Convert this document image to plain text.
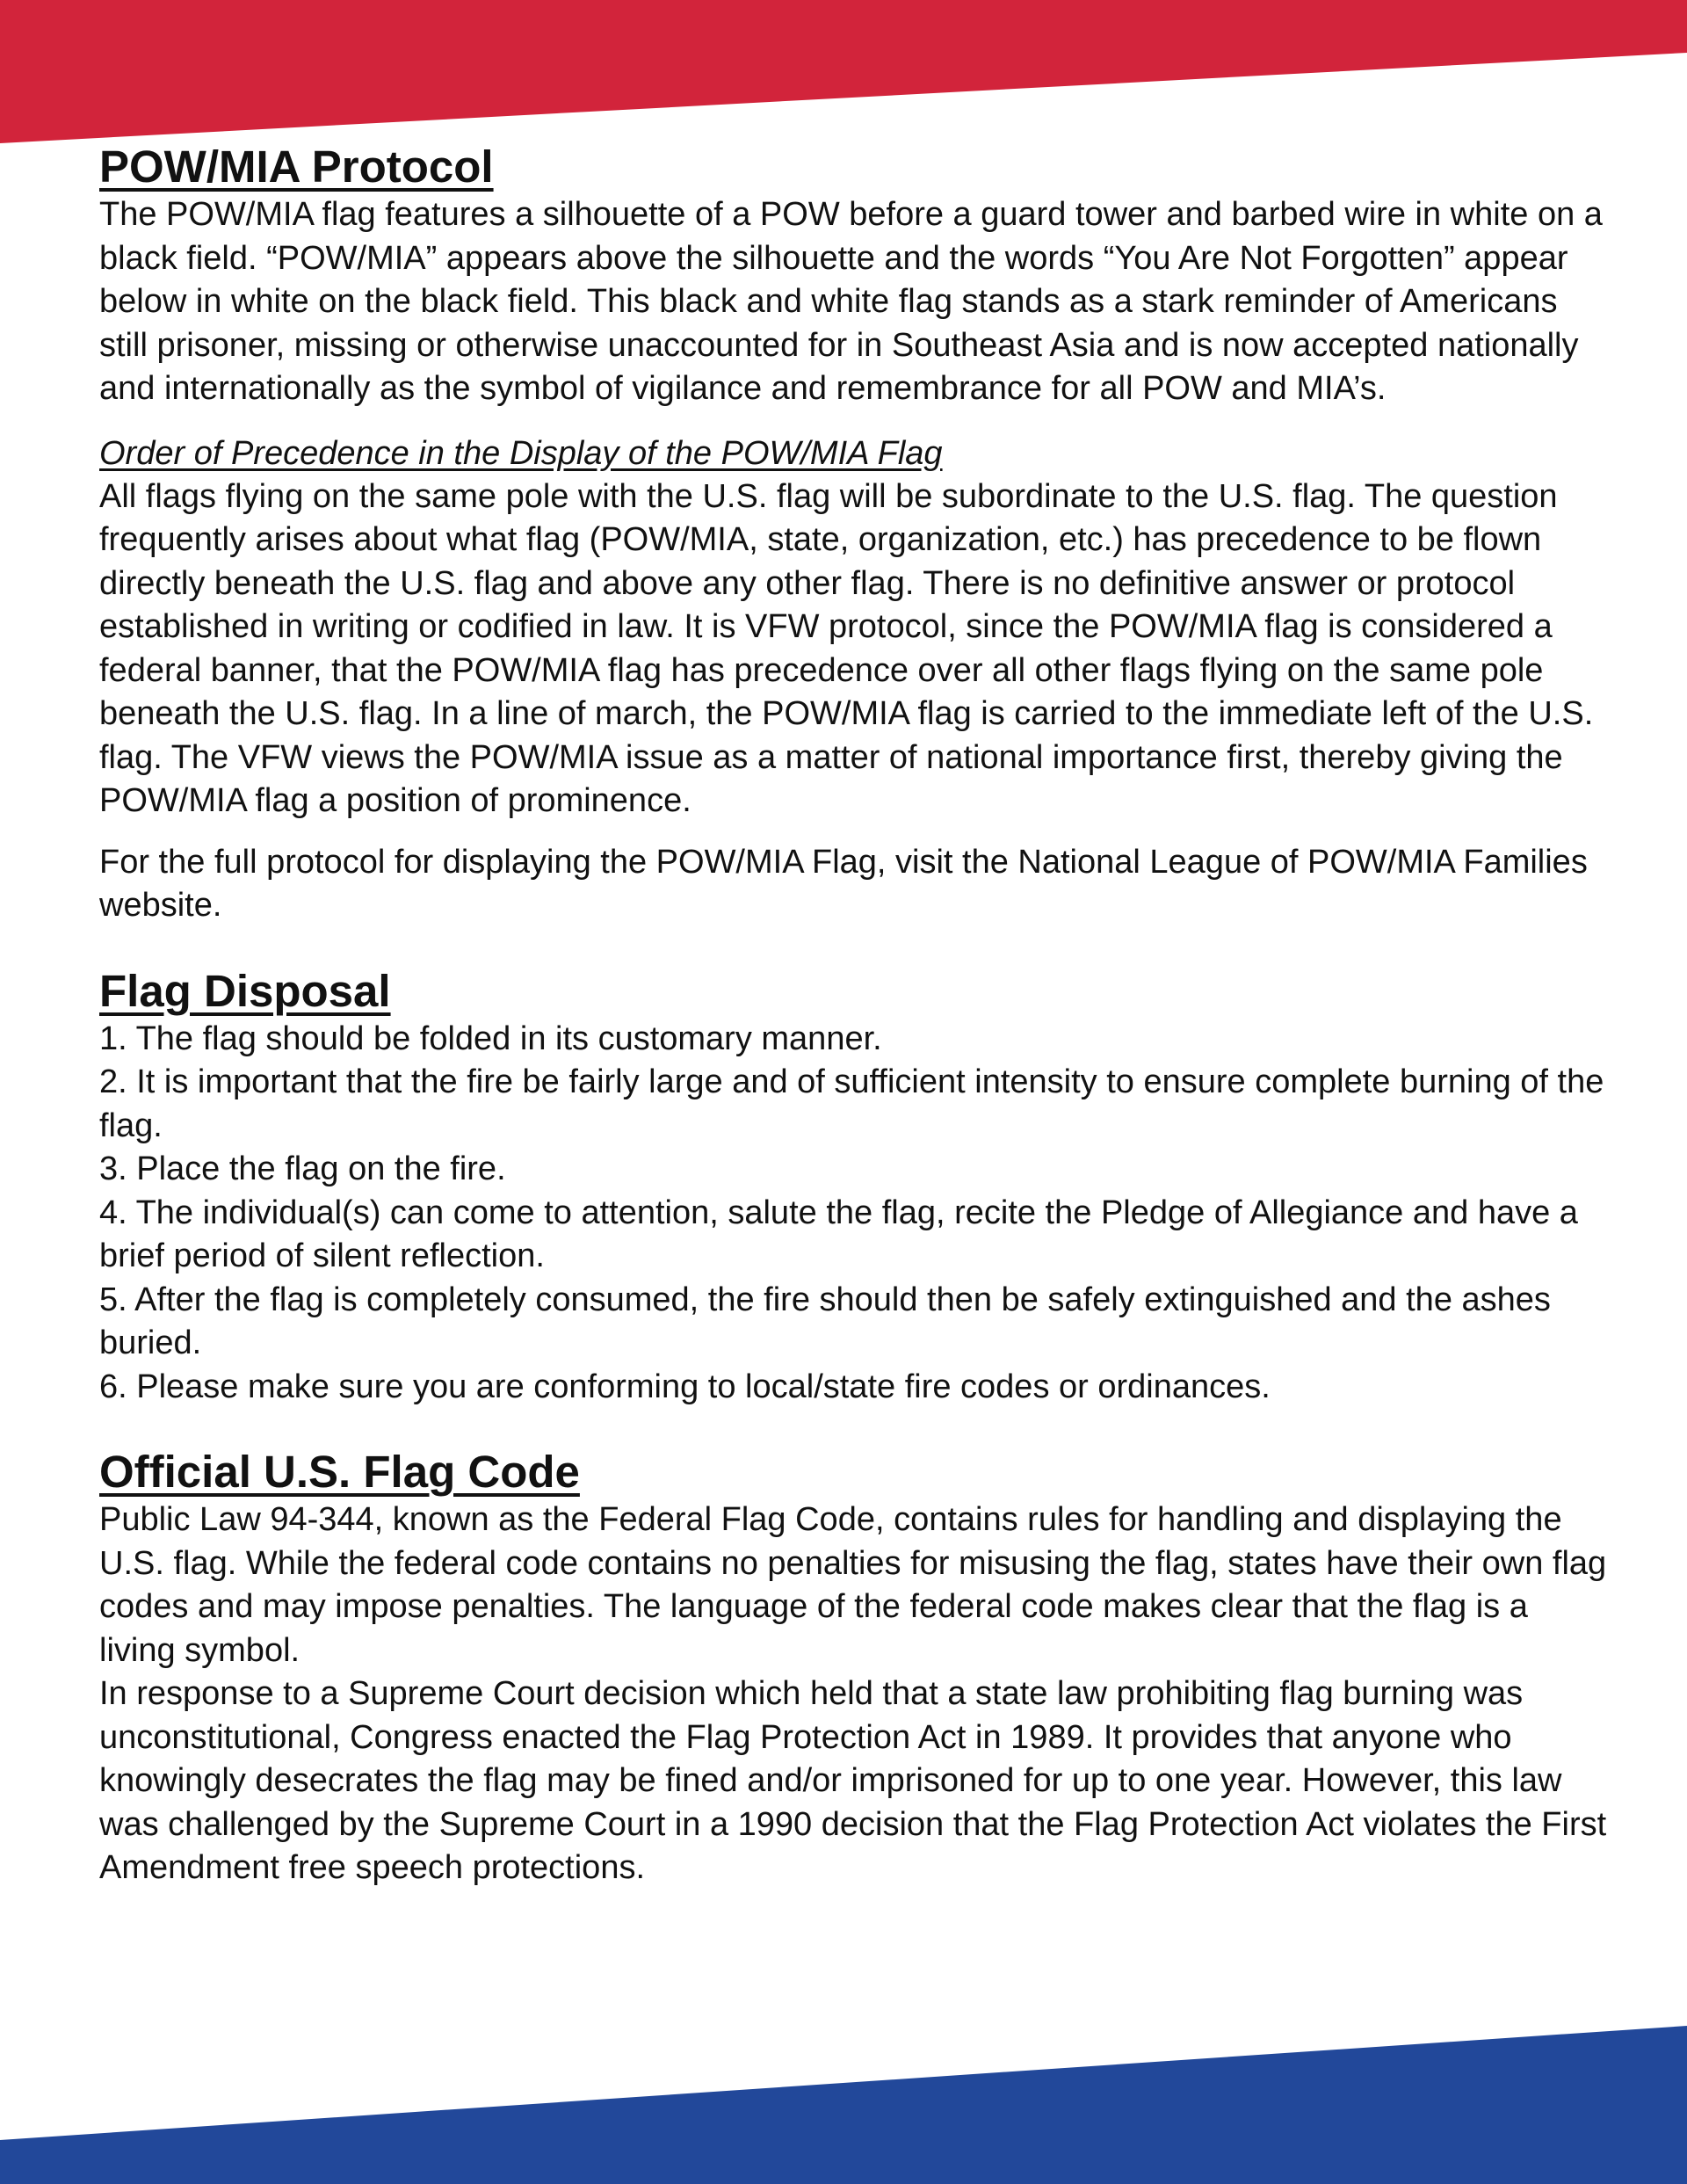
POW/MIA Protocol

The POW/MIA flag features a silhouette of a POW before a guard tower and barbed wire in white on a black field. “POW/MIA” appears above the silhouette and the words “You Are Not Forgotten” appear below in white on the black field. This black and white flag stands as a stark reminder of Americans still prisoner, missing or otherwise unaccounted for in Southeast Asia and is now accepted nationally and internationally as the symbol of vigilance and remembrance for all POW and MIA’s.

Order of Precedence in the Display of the POW/MIA Flag

All flags flying on the same pole with the U.S. flag will be subordinate to the U.S. flag. The question frequently arises about what flag (POW/MIA, state, organization, etc.) has precedence to be flown directly beneath the U.S. flag and above any other flag. There is no definitive answer or protocol established in writing or codified in law. It is VFW protocol, since the POW/MIA flag is considered a federal banner, that the POW/MIA flag has precedence over all other flags flying on the same pole beneath the U.S. flag. In a line of march, the POW/MIA flag is carried to the immediate left of the U.S. flag. The VFW views the POW/MIA issue as a matter of national importance first, thereby giving the POW/MIA flag a position of prominence.

For the full protocol for displaying the POW/MIA Flag, visit the National League of POW/MIA Families website.

Flag Disposal
1. The flag should be folded in its customary manner.
2. It is important that the fire be fairly large and of sufficient intensity to ensure complete burning of the flag.
3. Place the flag on the fire.
4. The individual(s) can come to attention, salute the flag, recite the Pledge of Allegiance and have a brief period of silent reflection.
5. After the flag is completely consumed, the fire should then be safely extinguished and the ashes buried.
6. Please make sure you are conforming to local/state fire codes or ordinances.
Official U.S. Flag Code

Public Law 94-344, known as the Federal Flag Code, contains rules for handling and displaying the U.S. flag. While the federal code contains no penalties for misusing the flag, states have their own flag codes and may impose penalties. The language of the federal code makes clear that the flag is a living symbol.

In response to a Supreme Court decision which held that a state law prohibiting flag burning was unconstitutional, Congress enacted the Flag Protection Act in 1989. It provides that anyone who knowingly desecrates the flag may be fined and/or imprisoned for up to one year. However, this law was challenged by the Supreme Court in a 1990 decision that the Flag Protection Act violates the First Amendment free speech protections.
